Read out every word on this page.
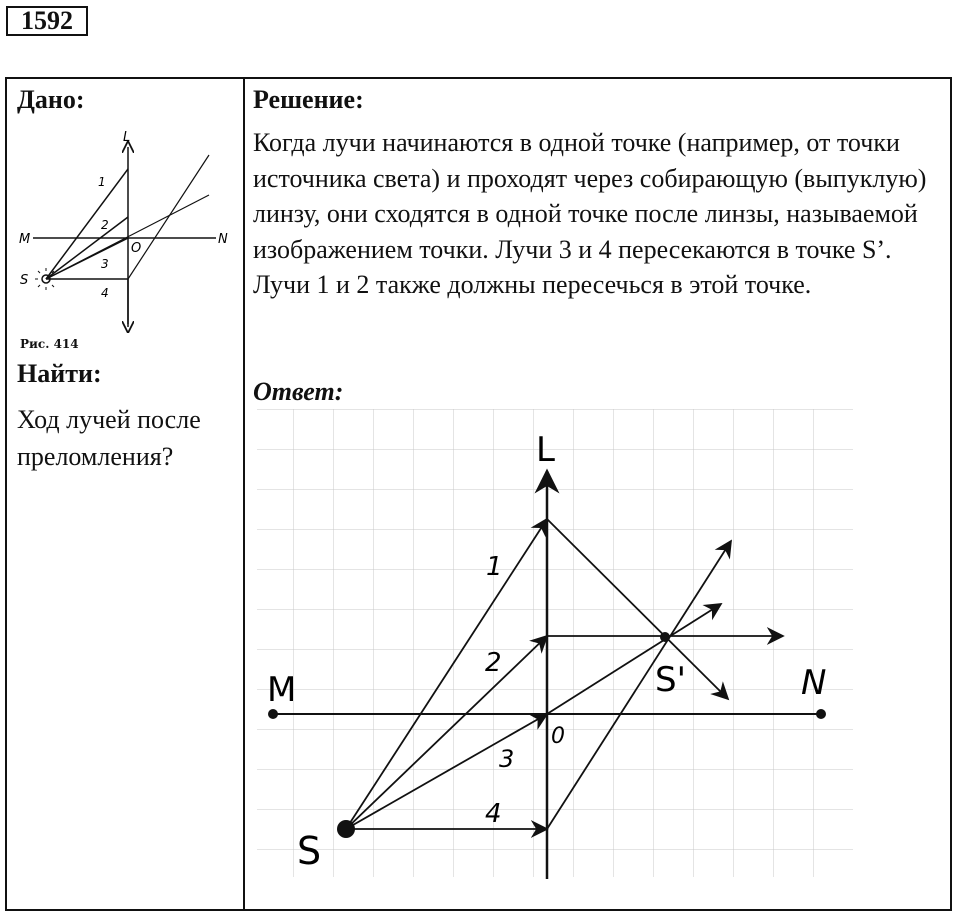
1592
Дано:
L
M	N
O
S
1
2
3
4
Рис. 414
Найти:
Ход лучей после преломления?
Решение:
Когда лучи начинаются в одной точке (например, от точки источника света) и проходят через собирающую (выпуклую) линзу, они сходятся в одной точке после линзы, называемой изображением точки. Лучи 3 и 4 пересекаются в точке S’. Лучи 1 и 2 также должны пересечься в этой точке.
Ответ:
L
M	N
0
S
S'
1
2
3
4
